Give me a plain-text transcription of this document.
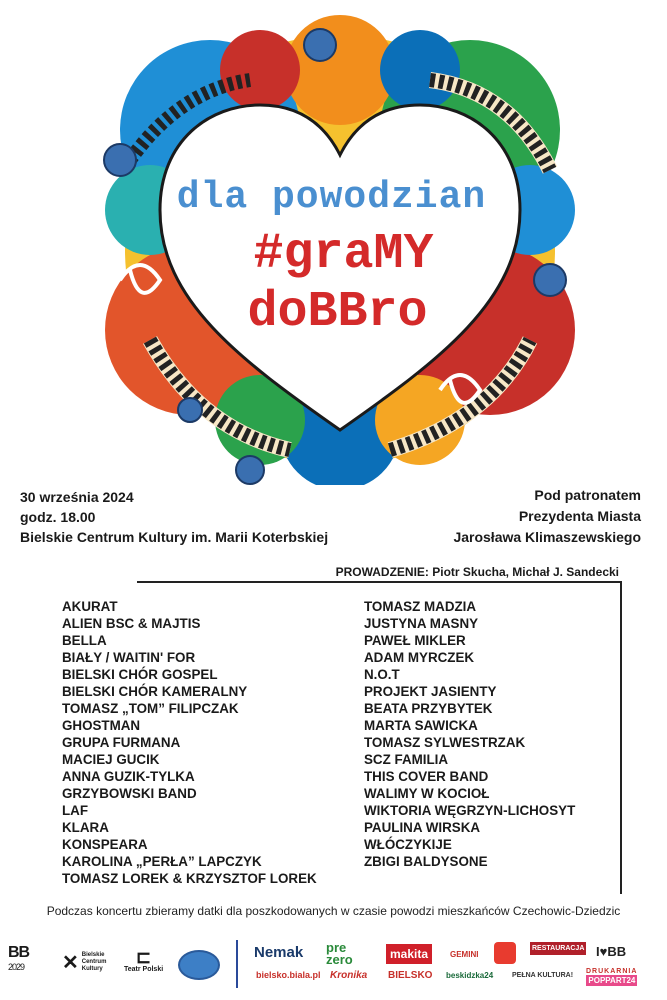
dla powodzian
#graMY
doBBro
30 września 2024
godz. 18.00
Bielskie Centrum Kultury im. Marii Koterbskiej
Pod patronatem
Prezydenta Miasta
Jarosława Klimaszewskiego
PROWADZENIE: Piotr Skucha, Michał J. Sandecki
AKURAT
ALIEN BSC & MAJTIS
BELLA
BIAŁY / WAITIN' FOR
BIELSKI CHÓR GOSPEL
BIELSKI CHÓR KAMERALNY
TOMASZ „TOM” FILIPCZAK
GHOSTMAN
GRUPA FURMANA
MACIEJ GUCIK
ANNA GUZIK-TYLKA
GRZYBOWSKI BAND
LAF
KLARA
KONSPEARA
KAROLINA „PERŁA” LAPCZYK
TOMASZ LOREK & KRZYSZTOF LOREK
TOMASZ MADZIA
JUSTYNA MASNY
PAWEŁ MIKLER
ADAM MYRCZEK
N.O.T
PROJEKT JASIENTY
BEATA PRZYBYTEK
MARTA SAWICKA
TOMASZ SYLWESTRZAK
SCZ FAMILIA
THIS COVER BAND
WALIMY W KOCIOŁ
WIKTORIA WĘGRZYN-LICHOSYT
PAULINA WIRSKA
WŁÓCZYKIJE
ZBIGI BALDYSONE
Podczas koncertu zbieramy datki dla poszkodowanych w czasie powodzi mieszkańców Czechowic-Dziedzic
BB
2029 ✕ Bielskie Centrum Kultury
⊏
Teatr Polski
Nemak pre zero	makita	GEMINI
RESTAURACJA I♥BB
bielsko.biala.pl Kronika BIELSKO beskidzka24	PEŁNA KULTURA!
DRUKARNIA
POPPART24
